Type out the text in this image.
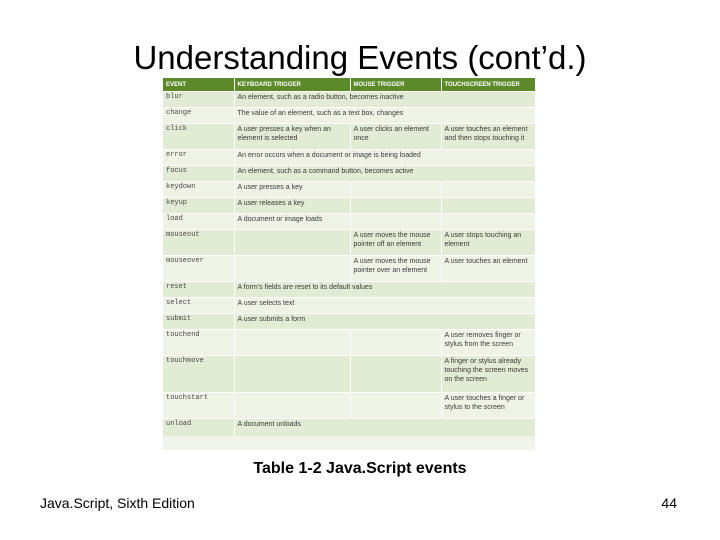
Understanding Events (cont’d.)
EVENT	KEYBOARD TRIGGER	MOUSE TRIGGER	TOUCHSCREEN TRIGGER
blur	An element, such as a radio button, becomes inactive		
change	The value of an element, such as a text box, changes		
click	A user presses a key when an element is selected	A user clicks an element once	A user touches an element and then stops touching it
error	An error occurs when a document or image is being loaded		
focus	An element, such as a command button, becomes active		
keydown	A user presses a key		
keyup	A user releases a key		
load	A document or image loads		
mouseout		A user moves the mouse pointer off an element	A user stops touching an element
mouseover		A user moves the mouse pointer over an element	A user touches an element
reset	A form’s fields are reset to its default values		
select	A user selects text		
submit	A user submits a form		
touchend			A user removes finger or stylus from the screen
touchmove			A finger or stylus already touching the screen moves on the screen
touchstart			A user touches a finger or stylus to the screen
unload	A document unloads		
Table 1-2 Java.Script events
Java.Script, Sixth Edition	44
